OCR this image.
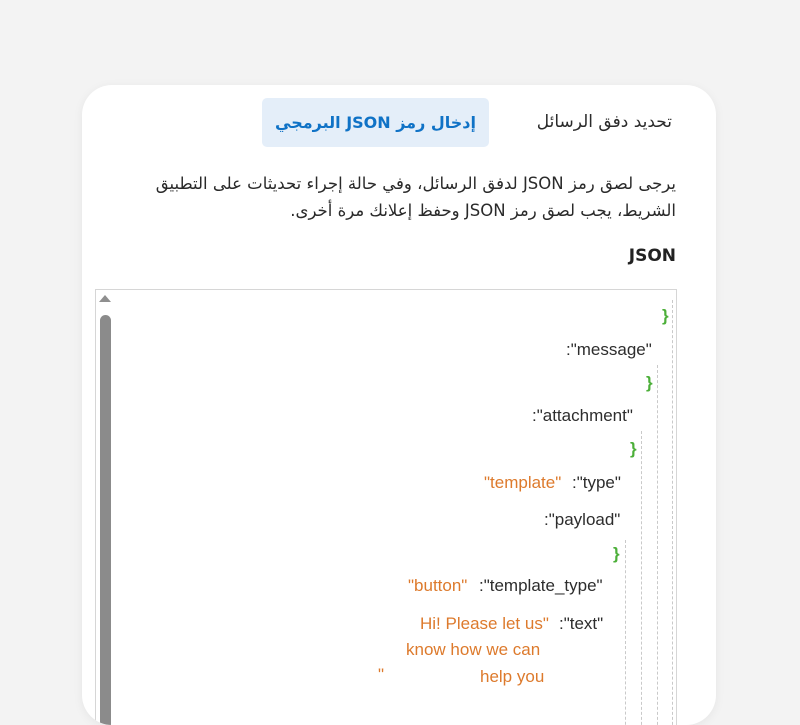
إدخال رمز JSON البرمجي	تحديد دفق الرسائل

يرجى لصق رمز JSON لدفق الرسائل، وفي حالة إجراء تحديثات على التطبيق
الشريط، يجب لصق رمز JSON وحفظ إعلانك مرة أخرى.

JSON

}
:"message"
}
:"attachment"
}
"template" :"type"
:"payload"
}
"button" :"template_type"
Hi! Please let us" :"text"
know how we can
"	help you
